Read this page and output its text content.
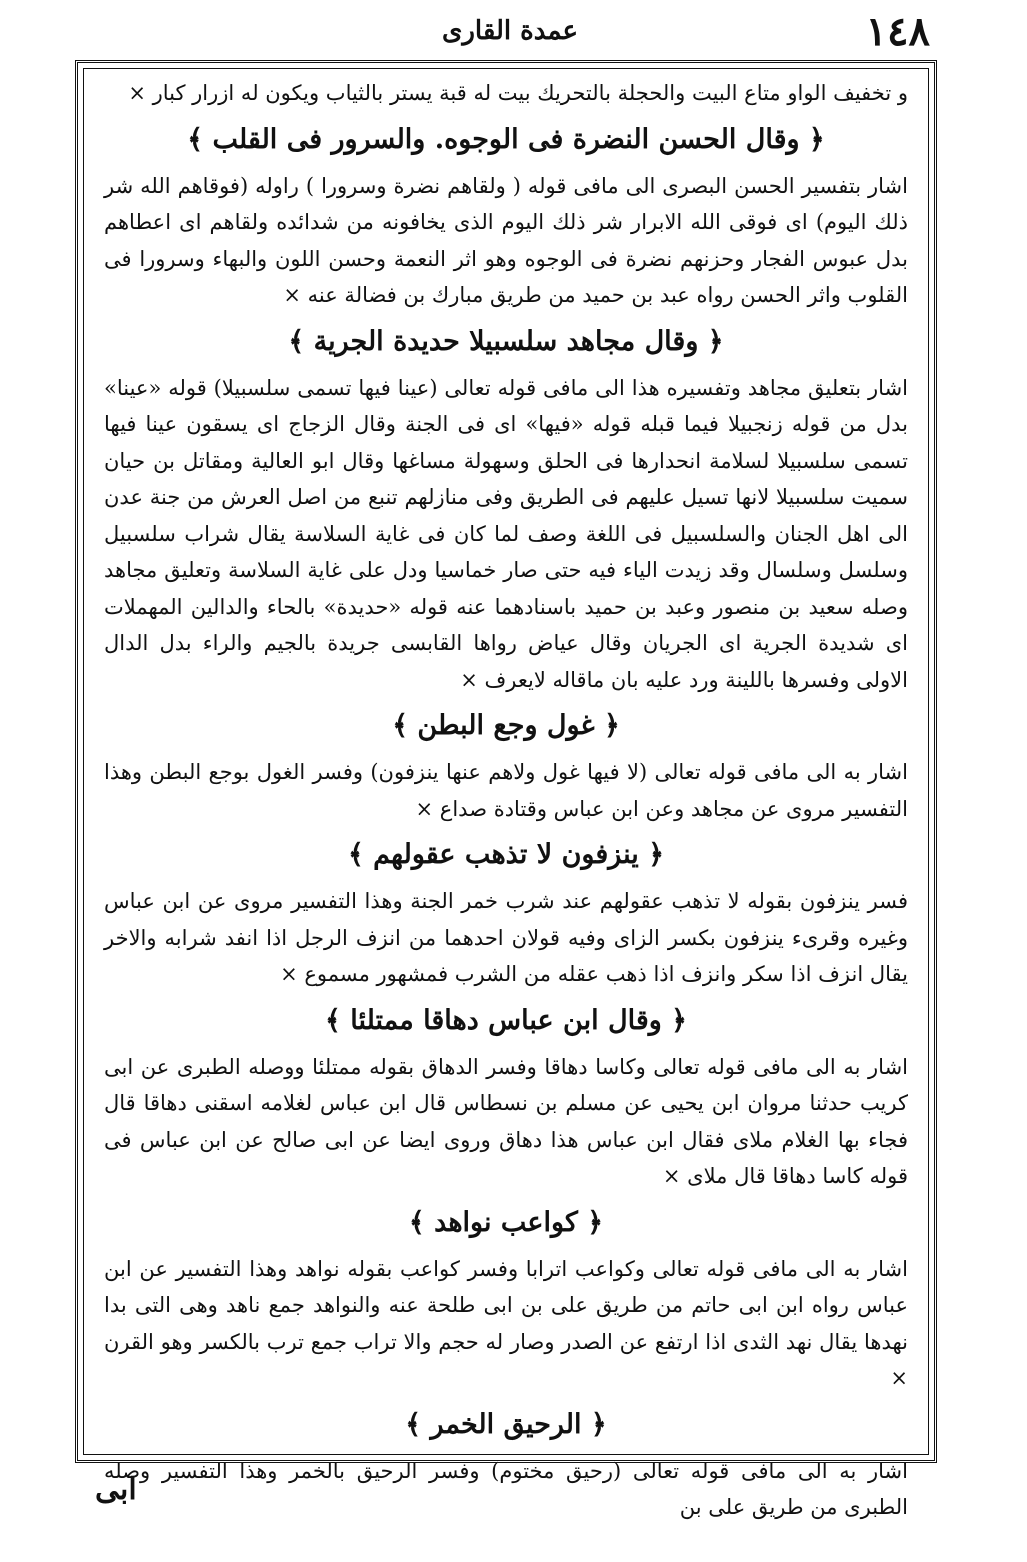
١٤٨
عمدة القاری

و تخفيف الواو متاع البيت والحجلة بالتحريك بيت له قبة يستر بالثياب ويكون له ازرار كبار ×

﴿ وقال الحسن النضرة فى الوجوه. والسرور فى القلب ﴾

اشار بتفسير الحسن البصرى الى مافى قوله ( ولقاهم نضرة وسرورا ) راوله (فوقاهم الله شر ذلك اليوم) اى فوقى الله الابرار شر ذلك اليوم الذى يخافونه من شدائده ولقاهم اى اعطاهم بدل عبوس الفجار وحزنهم نضرة فى الوجوه وهو اثر النعمة وحسن اللون والبهاء وسرورا فى القلوب واثر الحسن رواه عبد بن حميد من طريق مبارك بن فضالة عنه ×

﴿ وقال مجاهد سلسبيلا حديدة الجرية ﴾

اشار بتعليق مجاهد وتفسيره هذا الى مافى قوله تعالى (عينا فيها تسمى سلسبيلا) قوله «عينا» بدل من قوله زنجبيلا فيما قبله قوله «فيها» اى فى الجنة وقال الزجاج اى يسقون عينا فيها تسمى سلسبيلا لسلامة انحدارها فى الحلق وسهولة مساغها وقال ابو العالية ومقاتل بن حيان سميت سلسبيلا لانها تسيل عليهم فى الطريق وفى منازلهم تنبع من اصل العرش من جنة عدن الى اهل الجنان والسلسبيل فى اللغة وصف لما كان فى غاية السلاسة يقال شراب سلسبيل وسلسل وسلسال وقد زيدت الياء فيه حتى صار خماسيا ودل على غاية السلاسة وتعليق مجاهد وصله سعيد بن منصور وعبد بن حميد باسنادهما عنه قوله «حديدة» بالحاء والدالين المهملات اى شديدة الجرية اى الجريان وقال عياض رواها القابسى جريدة بالجيم والراء بدل الدال الاولى وفسرها باللينة ورد عليه بان ماقاله لايعرف ×

﴿ غول وجع البطن ﴾

اشار به الى مافى قوله تعالى (لا فيها غول ولاهم عنها ينزفون) وفسر الغول بوجع البطن وهذا التفسير مروى عن مجاهد وعن ابن عباس وقتادة صداع ×

﴿ ينزفون لا تذهب عقولهم ﴾

فسر ينزفون بقوله لا تذهب عقولهم عند شرب خمر الجنة وهذا التفسير مروى عن ابن عباس وغيره وقرىء ينزفون بكسر الزاى وفيه قولان احدهما من انزف الرجل اذا انفد شرابه والاخر يقال انزف اذا سكر وانزف اذا ذهب عقله من الشرب فمشهور مسموع ×

﴿ وقال ابن عباس دهاقا ممتلئا ﴾

اشار به الى مافى قوله تعالى وكاسا دهاقا وفسر الدهاق بقوله ممتلئا ووصله الطبرى عن ابى كريب حدثنا مروان ابن يحيى عن مسلم بن نسطاس قال ابن عباس لغلامه اسقنى دهاقا قال فجاء بها الغلام ملاى فقال ابن عباس هذا دهاق وروى ايضا عن ابى صالح عن ابن عباس فى قوله كاسا دهاقا قال ملاى ×

﴿ كواعب نواهد ﴾

اشار به الى مافى قوله تعالى وكواعب اترابا وفسر كواعب بقوله نواهد وهذا التفسير عن ابن عباس رواه ابن ابى حاتم من طريق على بن ابى طلحة عنه والنواهد جمع ناهد وهى التى بدا نهدها يقال نهد الثدى اذا ارتفع عن الصدر وصار له حجم والا تراب جمع ترب بالكسر وهو القرن ×

﴿ الرحيق الخمر ﴾

اشار به الى مافى قوله تعالى (رحيق مختوم) وفسر الرحيق بالخمر وهذا التفسير وصله الطبرى من طريق على بن

ابى
